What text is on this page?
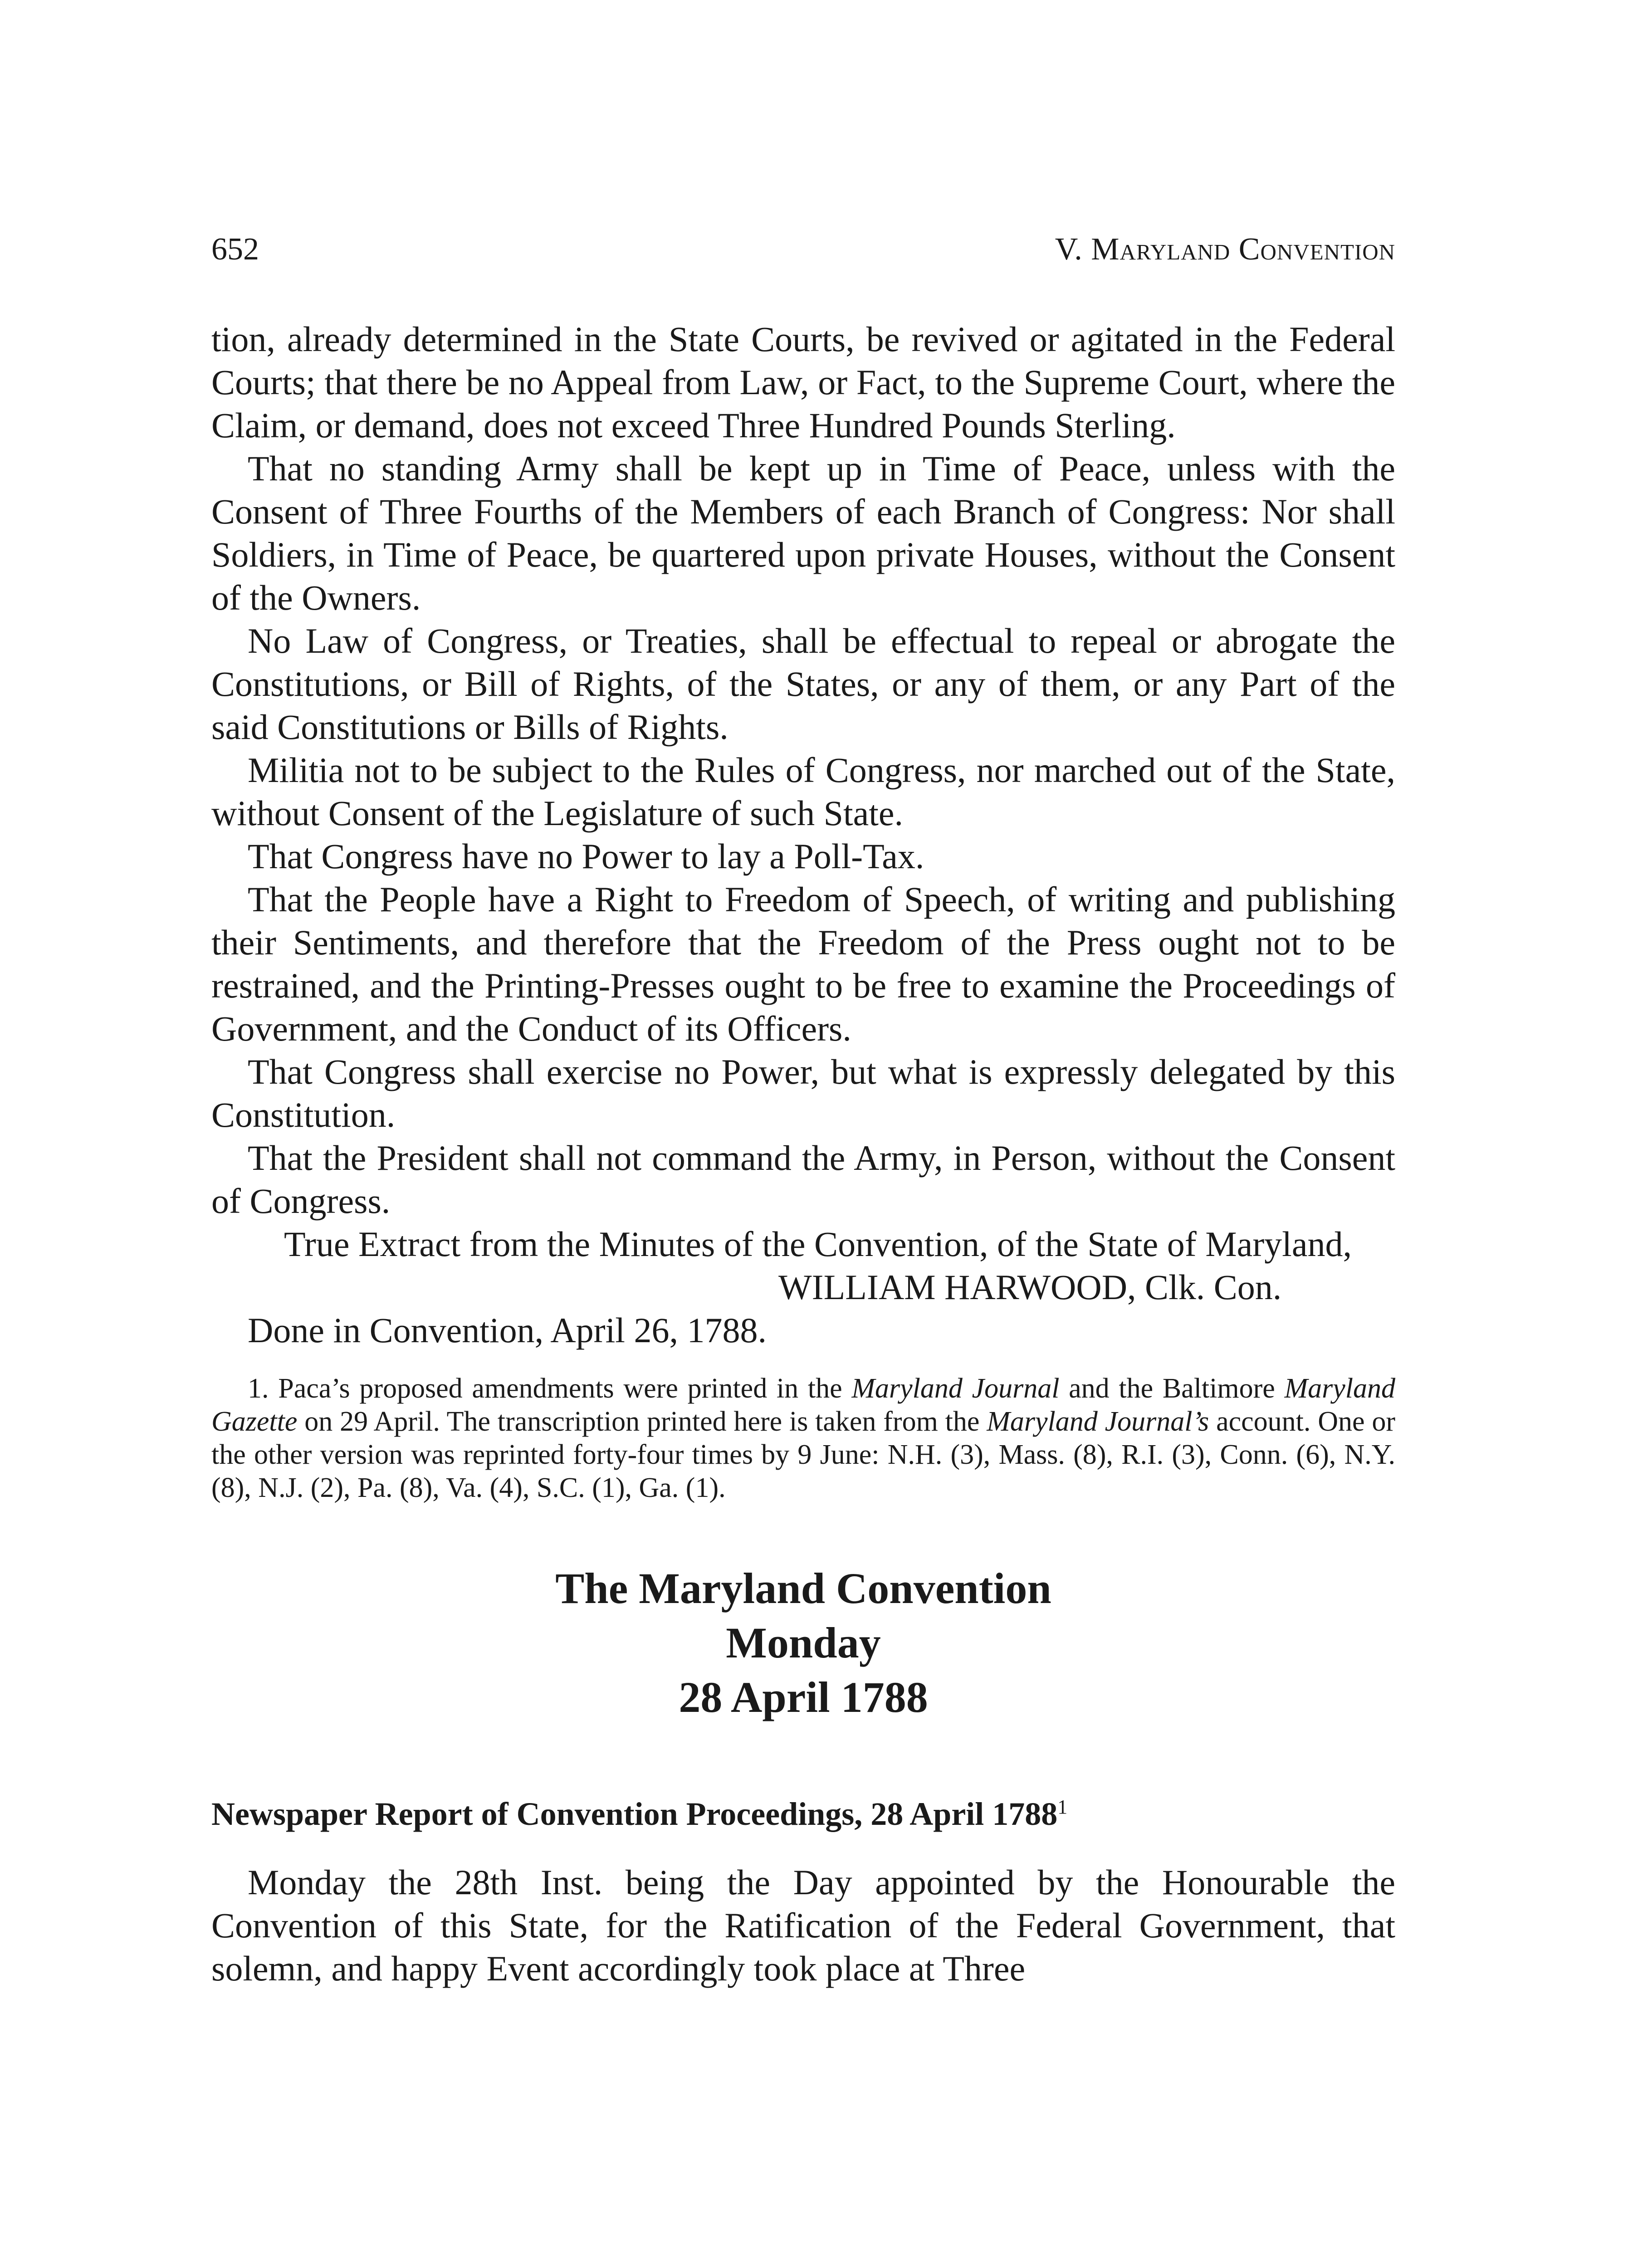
652	V. Maryland Convention

tion, already determined in the State Courts, be revived or agitated in the Federal Courts; that there be no Appeal from Law, or Fact, to the Supreme Court, where the Claim, or demand, does not exceed Three Hundred Pounds Sterling.

That no standing Army shall be kept up in Time of Peace, unless with the Consent of Three Fourths of the Members of each Branch of Congress: Nor shall Soldiers, in Time of Peace, be quartered upon private Houses, without the Consent of the Owners.

No Law of Congress, or Treaties, shall be effectual to repeal or abrogate the Constitutions, or Bill of Rights, of the States, or any of them, or any Part of the said Constitutions or Bills of Rights.

Militia not to be subject to the Rules of Congress, nor marched out of the State, without Consent of the Legislature of such State.

That Congress have no Power to lay a Poll-Tax.

That the People have a Right to Freedom of Speech, of writing and publishing their Sentiments, and therefore that the Freedom of the Press ought not to be restrained, and the Printing-Presses ought to be free to examine the Proceedings of Government, and the Conduct of its Officers.

That Congress shall exercise no Power, but what is expressly delegated by this Constitution.

That the President shall not command the Army, in Person, without the Consent of Congress.

True Extract from the Minutes of the Convention, of the State of Maryland,

WILLIAM HARWOOD, Clk. Con.

Done in Convention, April 26, 1788.

1. Paca’s proposed amendments were printed in the Maryland Journal and the Baltimore Maryland Gazette on 29 April. The transcription printed here is taken from the Maryland Journal’s account. One or the other version was reprinted forty-four times by 9 June: N.H. (3), Mass. (8), R.I. (3), Conn. (6), N.Y. (8), N.J. (2), Pa. (8), Va. (4), S.C. (1), Ga. (1).

The Maryland Convention
Monday
28 April 1788
Newspaper Report of Convention Proceedings, 28 April 1788$^1$

Monday the 28th Inst. being the Day appointed by the Honourable the Convention of this State, for the Ratification of the Federal Government, that solemn, and happy Event accordingly took place at Three
